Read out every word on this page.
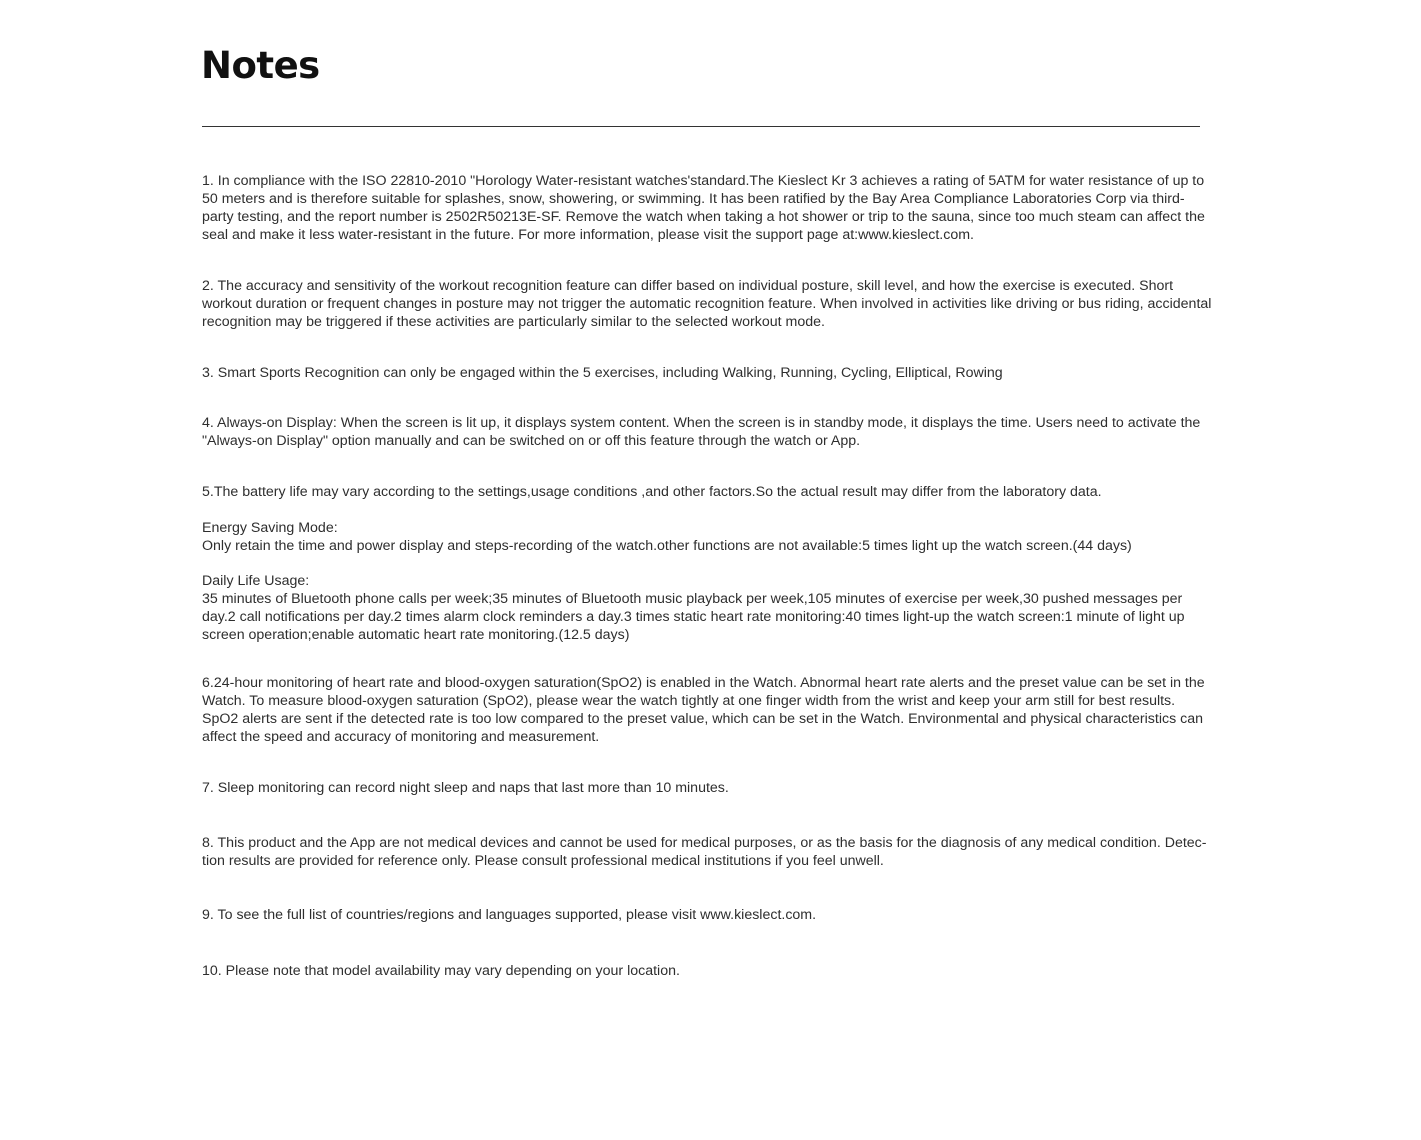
Notes

1. In compliance with the ISO 22810-2010 "Horology Water-resistant watches'standard.The Kieslect Kr 3 achieves a rating of 5ATM for water resistance of up to 50 meters and is therefore suitable for splashes, snow, showering, or swimming. It has been ratified by the Bay Area Compliance Laboratories Corp via third-party testing, and the report number is 2502R50213E-SF. Remove the watch when taking a hot shower or trip to the sauna, since too much steam can affect the seal and make it less water-resistant in the future. For more information, please visit the support page at:www.kieslect.com.

2. The accuracy and sensitivity of the workout recognition feature can differ based on individual posture, skill level, and how the exercise is executed. Short workout duration or frequent changes in posture may not trigger the automatic recognition feature. When involved in activities like driving or bus riding, accidental recognition may be triggered if these activities are particularly similar to the selected workout mode.

3. Smart Sports Recognition can only be engaged within the 5 exercises, including Walking, Running, Cycling, Elliptical, Rowing

4. Always-on Display: When the screen is lit up, it displays system content. When the screen is in standby mode, it displays the time. Users need to activate the "Always-on Display" option manually and can be switched on or off this feature through the watch or App.

5.The battery life may vary according to the settings,usage conditions ,and other factors.So the actual result may differ from the laboratory data.

Energy Saving Mode:

Only retain the time and power display and steps-recording of the watch.other functions are not available:5 times light up the watch screen.(44 days)

Daily Life Usage:

35 minutes of Bluetooth phone calls per week;35 minutes of Bluetooth music playback per week,105 minutes of exercise per week,30 pushed messages per day.2 call notifications per day.2 times alarm clock reminders a day.3 times static heart rate monitoring:40 times light-up the watch screen:1 minute of light up screen operation;enable automatic heart rate monitoring.(12.5 days)

6.24-hour monitoring of heart rate and blood-oxygen saturation(SpO2) is enabled in the Watch. Abnormal heart rate alerts and the preset value can be set in the Watch. To measure blood-oxygen saturation (SpO2), please wear the watch tightly at one finger width from the wrist and keep your arm still for best results. SpO2 alerts are sent if the detected rate is too low compared to the preset value, which can be set in the Watch. Environmental and physical characteristics can affect the speed and accuracy of monitoring and measurement.

7. Sleep monitoring can record night sleep and naps that last more than 10 minutes.

8. This product and the App are not medical devices and cannot be used for medical purposes, or as the basis for the diagnosis of any medical condition. Detec-tion results are provided for reference only. Please consult professional medical institutions if you feel unwell.

9. To see the full list of countries/regions and languages supported, please visit www.kieslect.com.

10. Please note that model availability may vary depending on your location.
